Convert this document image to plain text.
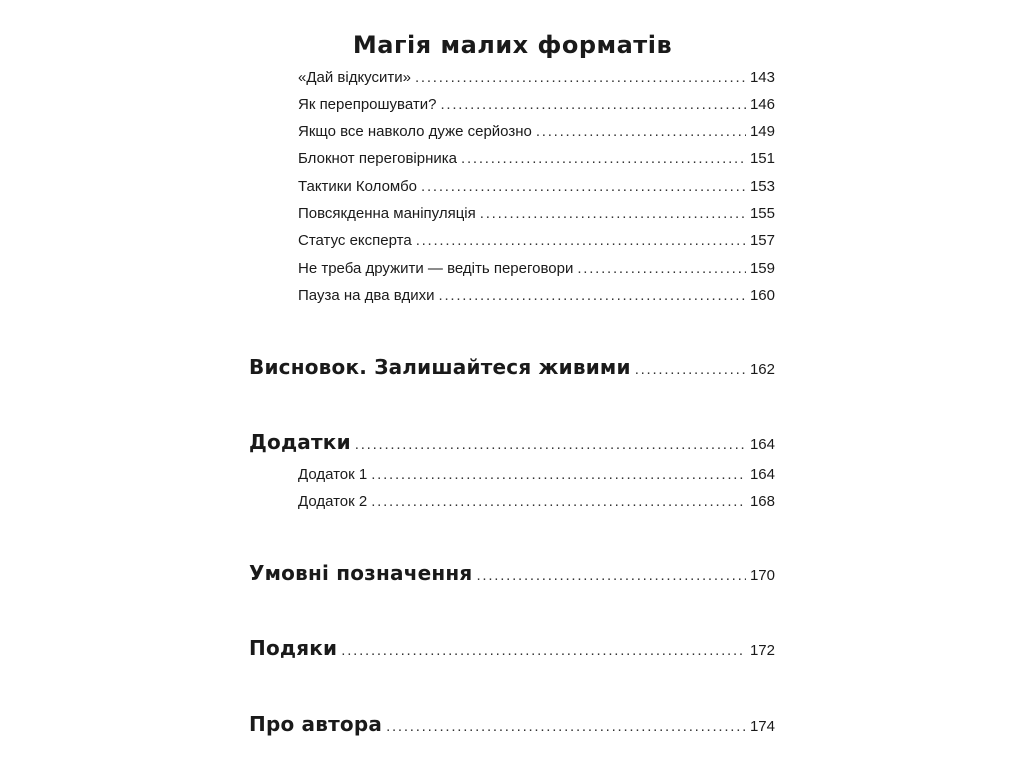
Магія малих форматів
«Дай відкусити» . . .	143
Як перепрошувати? . . .	146
Якщо все навколо дуже серйозно . . .	149
Блокнот переговірника . . .	151
Тактики Коломбо . . .	153
Повсякденна маніпуляція . . .	155
Статус експерта . . .	157
Не треба дружити — ведіть переговори . . .	159
Пауза на два вдихи . . .	160
Висновок. Залишайтеся живими . . .	162
Додатки . . .	164
Додаток 1 . . .	164
Додаток 2 . . .	168
Умовні позначення . . .	170
Подяки . . .	172
Про автора . . .	174
